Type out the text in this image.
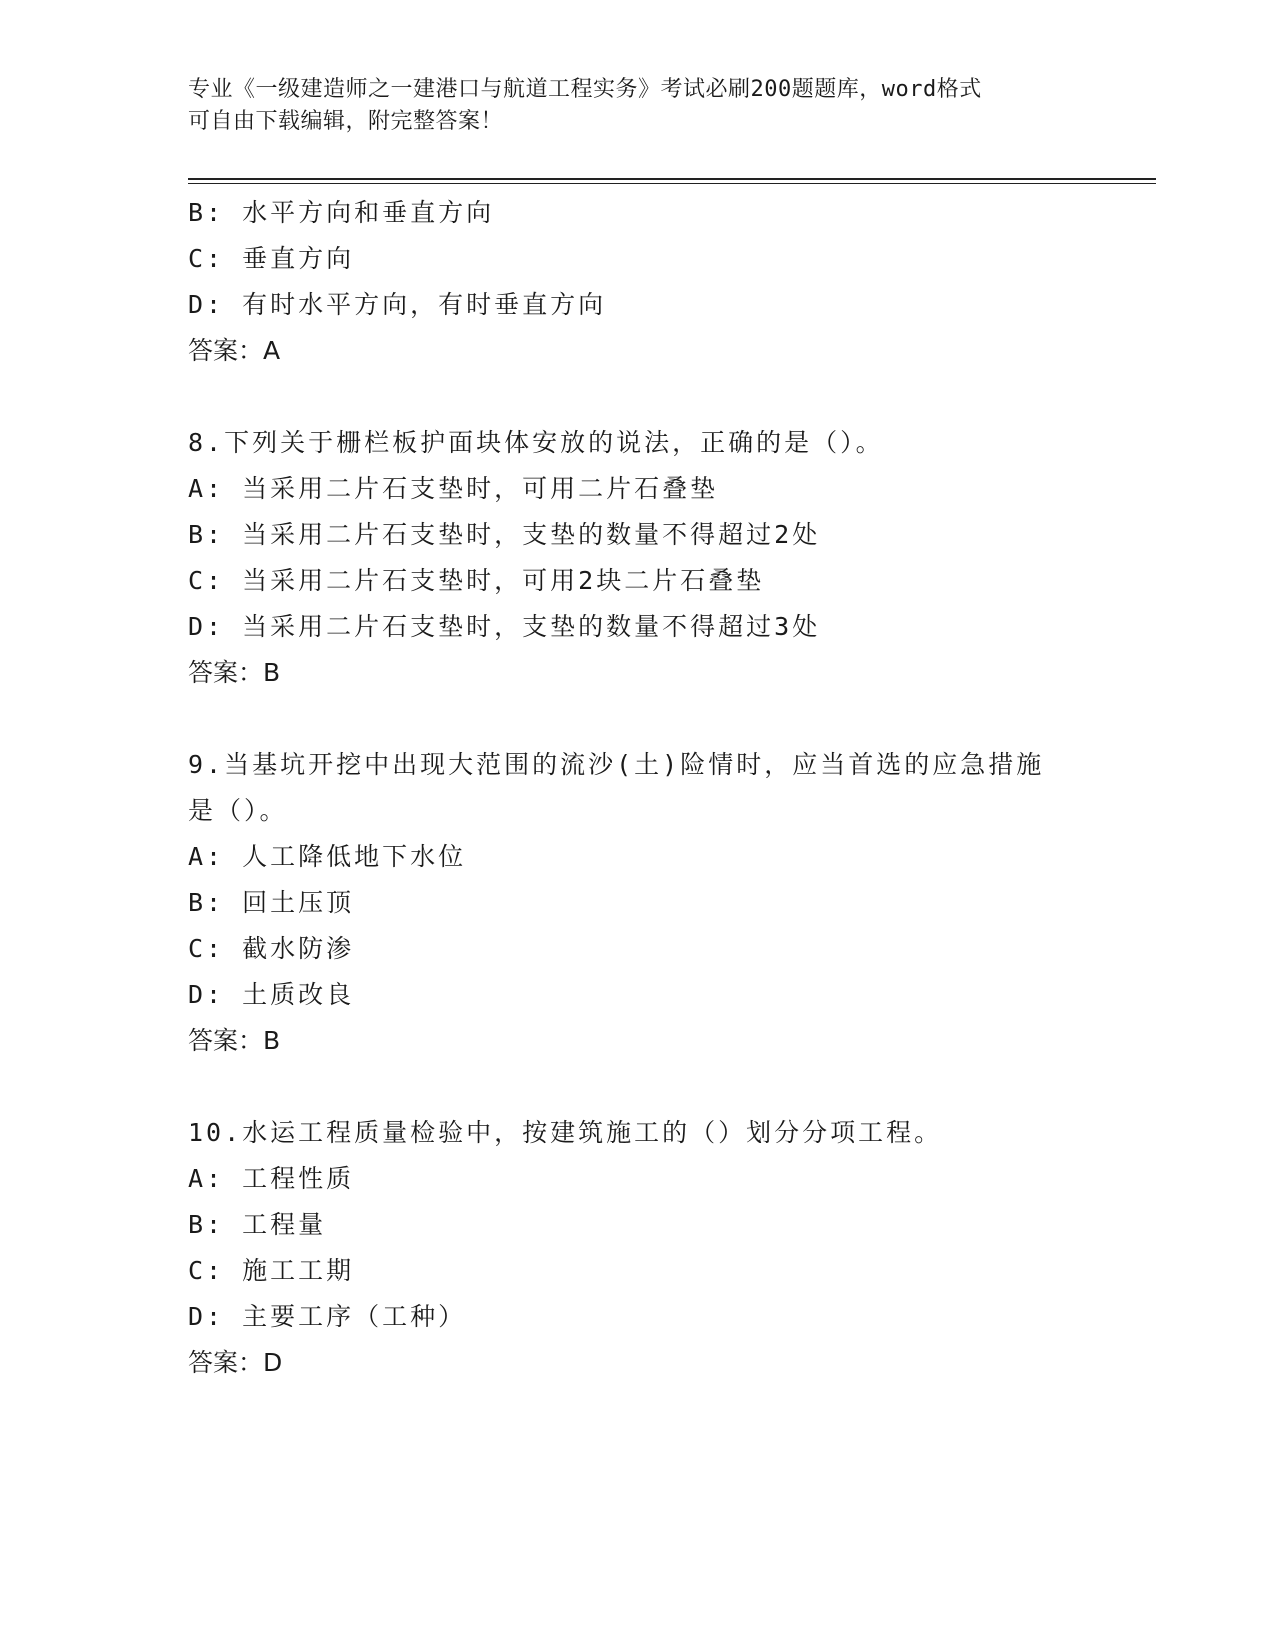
专业《一级建造师之一建港口与航道工程实务》考试必刷200题题库，word格式
可自由下载编辑，附完整答案！
B: 水平方向和垂直方向
C: 垂直方向
D: 有时水平方向，有时垂直方向
答案：A
8.下列关于栅栏板护面块体安放的说法，正确的是（）。
A: 当采用二片石支垫时，可用二片石叠垫
B: 当采用二片石支垫时，支垫的数量不得超过2处
C: 当采用二片石支垫时，可用2块二片石叠垫
D: 当采用二片石支垫时，支垫的数量不得超过3处
答案：B
9.当基坑开挖中出现大范围的流沙(土)险情时，应当首选的应急措施
是（）。
A: 人工降低地下水位
B: 回土压顶
C: 截水防渗
D: 土质改良
答案：B
10.水运工程质量检验中，按建筑施工的（）划分分项工程。
A: 工程性质
B: 工程量
C: 施工工期
D: 主要工序（工种）
答案：D
